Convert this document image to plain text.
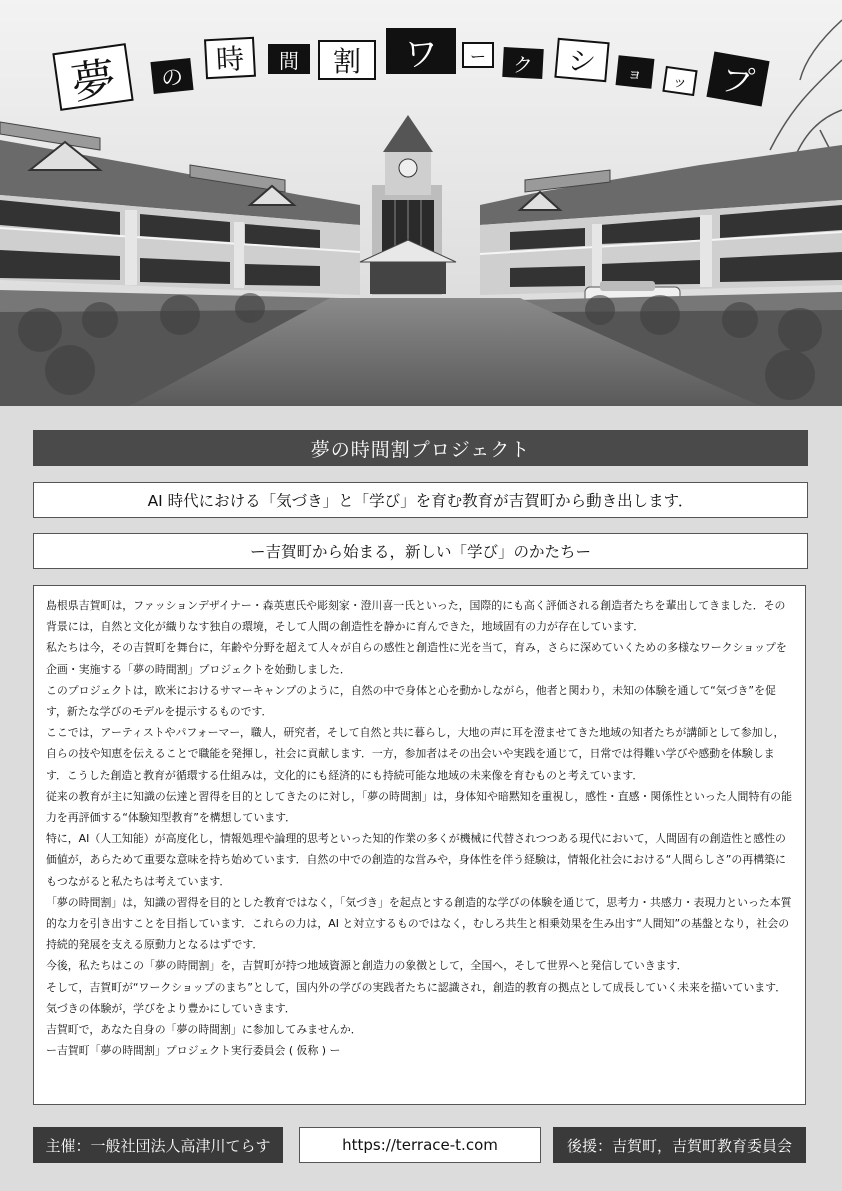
夢	の
時	間	割	ワ	ー	ク	シ	ョ	ッ プ
夢の時間割プロジェクト
AI 時代における「気づき」と「学び」を育む教育が吉賀町から動き出します．
ー吉賀町から始まる，新しい「学び」のかたちー

島根県吉賀町は，ファッションデザイナー・森英恵氏や彫刻家・澄川喜一氏といった，国際的にも高く評価される創造者たちを輩出してきました．その背景には，自然と文化が織りなす独自の環境，そして人間の創造性を静かに育んできた，地域固有の力が存在しています．

私たちは今，その吉賀町を舞台に，年齢や分野を超えて人々が自らの感性と創造性に光を当て，育み，さらに深めていくための多様なワークショップを企画・実施する「夢の時間割」プロジェクトを始動しました．

このプロジェクトは，欧米におけるサマーキャンプのように，自然の中で身体と心を動かしながら，他者と関わり，未知の体験を通して“気づき”を促す，新たな学びのモデルを提示するものです．

ここでは，アーティストやパフォーマー，職人，研究者，そして自然と共に暮らし，大地の声に耳を澄ませてきた地域の知者たちが講師として参加し，自らの技や知恵を伝えることで職能を発揮し，社会に貢献します．一方，参加者はその出会いや実践を通じて，日常では得難い学びや感動を体験します．こうした創造と教育が循環する仕組みは，文化的にも経済的にも持続可能な地域の未来像を育むものと考えています．

従来の教育が主に知識の伝達と習得を目的としてきたのに対し，「夢の時間割」は，身体知や暗黙知を重視し，感性・直感・関係性といった人間特有の能力を再評価する“体験知型教育”を構想しています．

特に，AI（人工知能）が高度化し，情報処理や論理的思考といった知的作業の多くが機械に代替されつつある現代において，人間固有の創造性と感性の価値が，あらためて重要な意味を持ち始めています．自然の中での創造的な営みや，身体性を伴う経験は，情報化社会における“人間らしさ”の再構築にもつながると私たちは考えています．

「夢の時間割」は，知識の習得を目的とした教育ではなく，「気づき」を起点とする創造的な学びの体験を通じて，思考力・共感力・表現力といった本質的な力を引き出すことを目指しています．これらの力は，AI と対立するものではなく，むしろ共生と相乗効果を生み出す“人間知”の基盤となり，社会の持続的発展を支える原動力となるはずです．

今後，私たちはこの「夢の時間割」を，吉賀町が持つ地域資源と創造力の象徴として，全国へ，そして世界へと発信していきます．

そして，吉賀町が“ワークショップのまち”として，国内外の学びの実践者たちに認識され，創造的教育の拠点として成長していく未来を描いています．

気づきの体験が，学びをより豊かにしていきます．

吉賀町で，あなた自身の「夢の時間割」に参加してみませんか．

ー吉賀町「夢の時間割」プロジェクト実行委員会 ( 仮称 ) ー

主催：一般社団法人高津川てらす	https://terrace-t.com	後援：吉賀町，吉賀町教育委員会
